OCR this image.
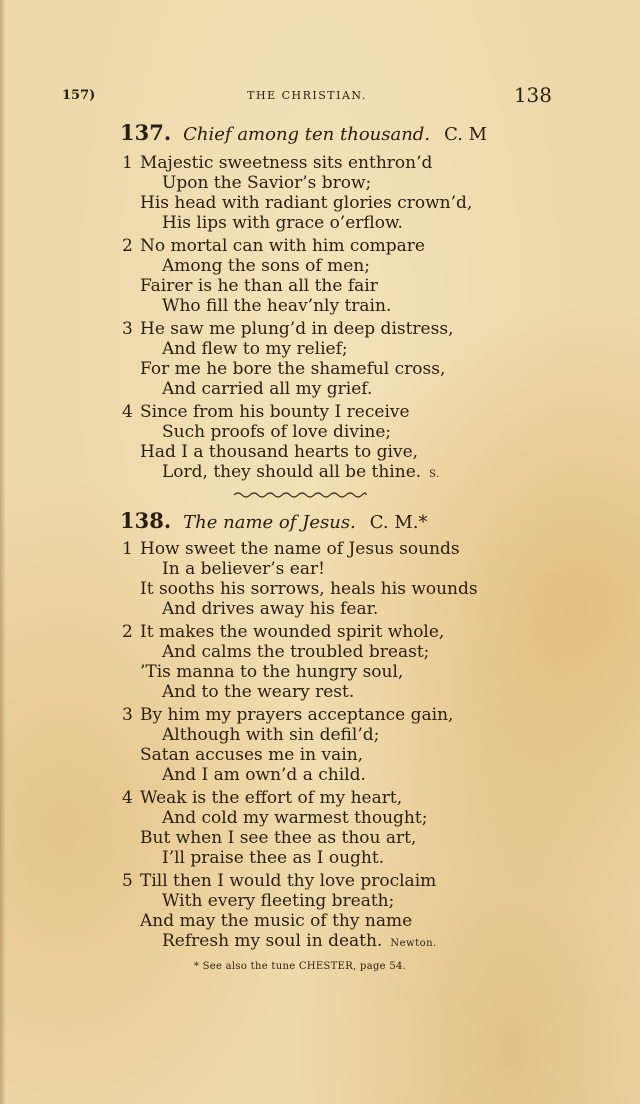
157)	THE CHRISTIAN.	138
137. Chief among ten thousand. C. M
1 Majestic sweetness sits enthron’d
Upon the Savior’s brow;
His head with radiant glories crown’d,
His lips with grace o’erflow.
2 No mortal can with him compare
Among the sons of men;
Fairer is he than all the fair
Who fill the heav’nly train.
3 He saw me plung’d in deep distress,
And flew to my relief;
For me he bore the shameful cross,
And carried all my grief.
4 Since from his bounty I receive
Such proofs of love divine;
Had I a thousand hearts to give,
Lord, they should all be thine. S.
138. The name of Jesus. C. M.*
1 How sweet the name of Jesus sounds
In a believer’s ear!
It sooths his sorrows, heals his wounds
And drives away his fear.
2 It makes the wounded spirit whole,
And calms the troubled breast;
’Tis manna to the hungry soul,
And to the weary rest.
3 By him my prayers acceptance gain,
Although with sin defil’d;
Satan accuses me in vain,
And I am own’d a child.
4 Weak is the effort of my heart,
And cold my warmest thought;
But when I see thee as thou art,
I’ll praise thee as I ought.
5 Till then I would thy love proclaim
With every fleeting breath;
And may the music of thy name
Refresh my soul in death. Newton.
* See also the tune CHESTER, page 54.
